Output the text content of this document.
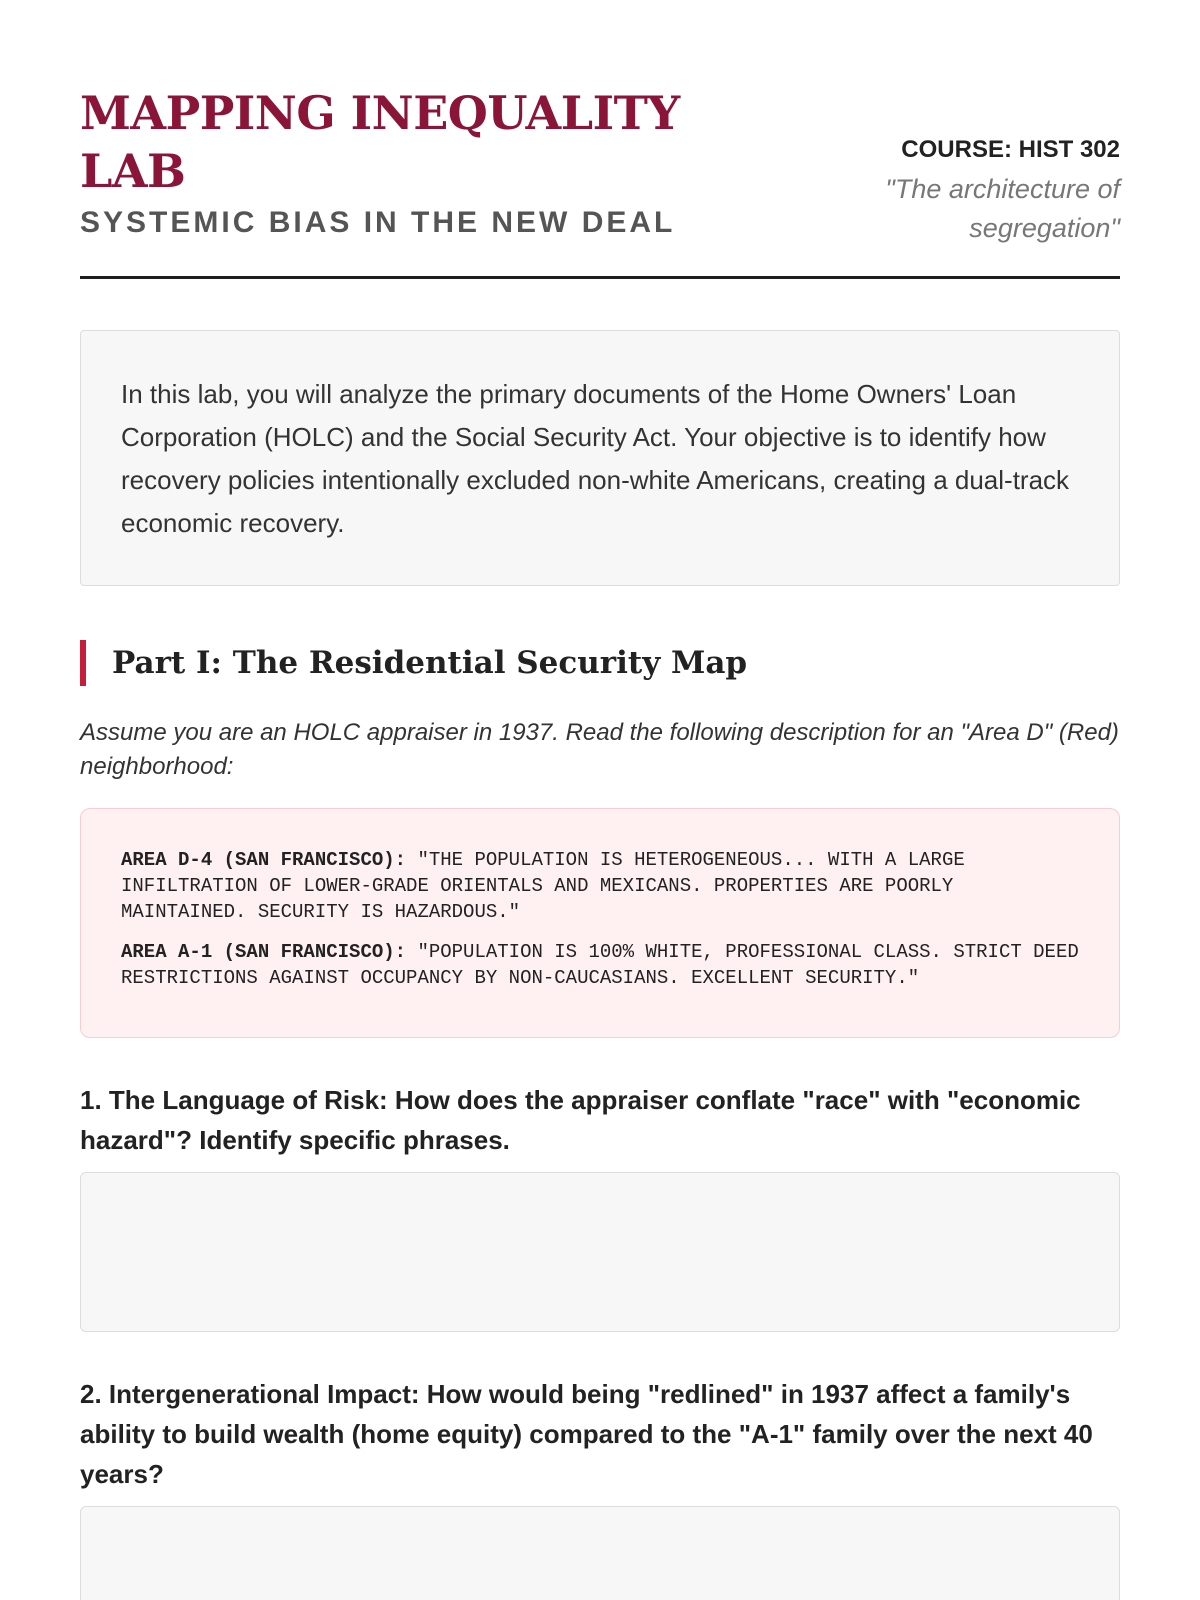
MAPPING INEQUALITY LAB
SYSTEMIC BIAS IN THE NEW DEAL
COURSE: HIST 302
"The architecture of segregation"
In this lab, you will analyze the primary documents of the Home Owners' Loan Corporation (HOLC) and the Social Security Act. Your objective is to identify how recovery policies intentionally excluded non-white Americans, creating a dual-track economic recovery.
Part I: The Residential Security Map

Assume you are an HOLC appraiser in 1937. Read the following description for an "Area D" (Red) neighborhood:

AREA D-4 (SAN FRANCISCO): "THE POPULATION IS HETEROGENEOUS... WITH A LARGE INFILTRATION OF LOWER-GRADE ORIENTALS AND MEXICANS. PROPERTIES ARE POORLY MAINTAINED. SECURITY IS HAZARDOUS."

AREA A-1 (SAN FRANCISCO): "POPULATION IS 100% WHITE, PROFESSIONAL CLASS. STRICT DEED RESTRICTIONS AGAINST OCCUPANCY BY NON-CAUCASIANS. EXCELLENT SECURITY."

1. The Language of Risk: How does the appraiser conflate "race" with "economic hazard"? Identify specific phrases.

2. Intergenerational Impact: How would being "redlined" in 1937 affect a family's ability to build wealth (home equity) compared to the "A-1" family over the next 40 years?
